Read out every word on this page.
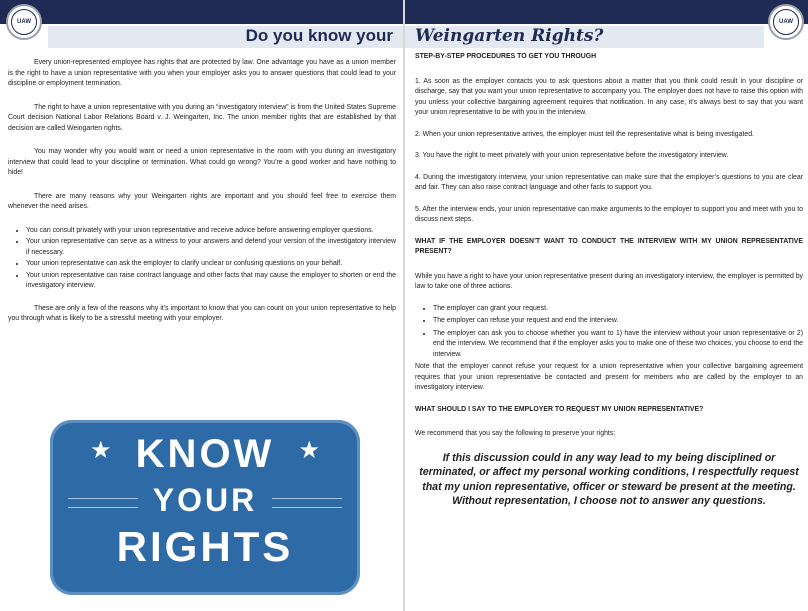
UAW
Do you know your

Every union-represented employee has rights that are protected by law. One advantage you have as a union member is the right to have a union representative with you when your employer asks you to answer questions that could lead to your discipline or employment termination.

The right to have a union representative with you during an “investigatory interview” is from the United States Supreme Court decision National Labor Relations Board v. J. Weingarten, Inc. The union member rights that are established by that decision are called Weingarten rights.

You may wonder why you would want or need a union representative in the room with you during an investigatory interview that could lead to your discipline or termination. What could go wrong? You’re a good worker and have nothing to hide!

There are many reasons why your Weingarten rights are important and you should feel free to exercise them whenever the need arises.

• You can consult privately with your union representative and receive advice before answering employer questions.
• Your union representative can serve as a witness to your answers and defend your version of the investigatory interview if necessary.
• Your union representative can ask the employer to clarify unclear or confusing questions on your behalf.
• Your union representative can raise contract language and other facts that may cause the employer to shorten or end the investigatory interview.

These are only a few of the reasons why it’s important to know that you can count on your union representative to help you through what is likely to be a stressful meeting with your employer.

★	★
KNOW
YOUR
RIGHTS
UAW
Weingarten Rights?
STEP-BY-STEP PROCEDURES TO GET YOU THROUGH

1. As soon as the employer contacts you to ask questions about a matter that you think could result in your discipline or discharge, say that you want your union representative to accompany you. The employer does not have to raise this option with you unless your collective bargaining agreement requires that notification. In any case, it’s always best to say that you want your union representative to be with you in the interview.

2. When your union representative arrives, the employer must tell the representative what is being investigated.

3. You have the right to meet privately with your union representative before the investigatory interview.

4. During the investigatory interview, your union representative can make sure that the employer’s questions to you are clear and fair. They can also raise contract language and other facts to support you.

5. After the interview ends, your union representative can make arguments to the employer to support you and meet with you to discuss next steps.

WHAT IF THE EMPLOYER DOESN’T WANT TO CONDUCT THE INTERVIEW WITH MY UNION REPRESENTATIVE PRESENT?

While you have a right to have your union representative present during an investigatory interview, the employer is permitted by law to take one of three actions.

• The employer can grant your request.
• The employer can refuse your request and end the interview.
• The employer can ask you to choose whether you want to 1) have the interview without your union representative or 2) end the interview. We recommend that if the employer asks you to make one of these two choices, you choose to end the interview.

Note that the employer cannot refuse your request for a union representative when your collective bargaining agreement requires that your union representative be contacted and present for members who are called by the employer to an investigatory interview.

WHAT SHOULD I SAY TO THE EMPLOYER TO REQUEST MY UNION REPRESENTATIVE?

We recommend that you say the following to preserve your rights:

If this discussion could in any way lead to my being disciplined or terminated, or affect my personal working conditions, I respectfully request that my union representative, officer or steward be present at the meeting. Without representation, I choose not to answer any questions.
